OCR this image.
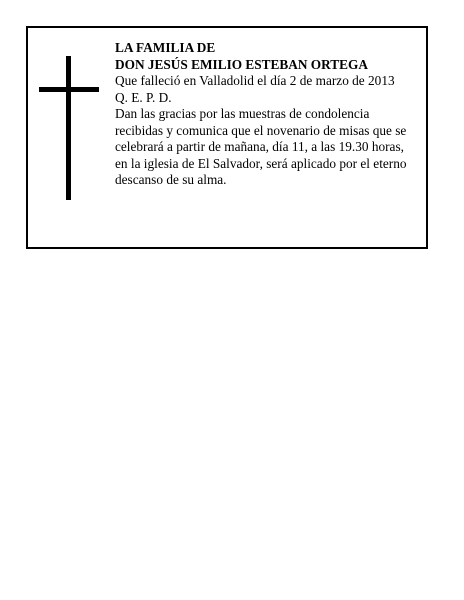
LA FAMILIA DE
DON JESÚS EMILIO ESTEBAN ORTEGA
Que falleció en Valladolid el día 2 de marzo de 2013
Q. E. P. D.
Dan las gracias por las muestras de condolencia
recibidas y comunica que el novenario de misas que se
celebrará a partir de mañana, día 11, a las 19.30 horas,
en la iglesia de El Salvador, será aplicado por el eterno
descanso de su alma.
